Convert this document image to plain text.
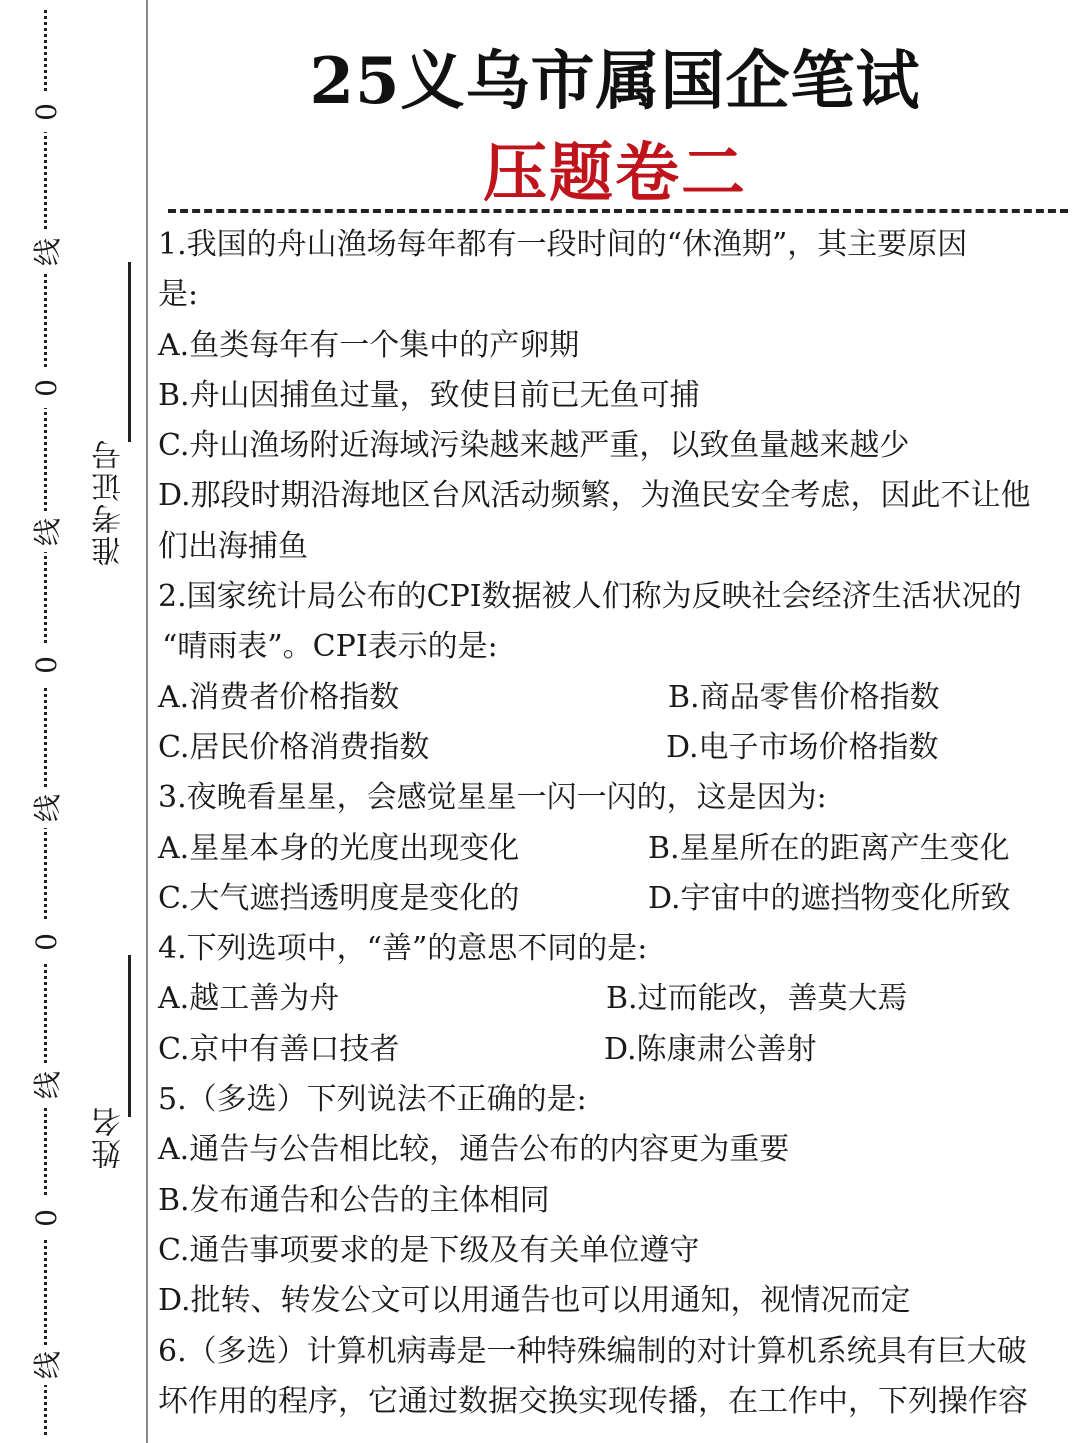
0
线
0
线
0
线
0
线
0
线
准考证号
姓名
25义乌市属国企笔试
压题卷二
1.我国的舟山渔场每年都有一段时间的“休渔期”，其主要原因
是:
A.鱼类每年有一个集中的产卵期
B.舟山因捕鱼过量，致使目前已无鱼可捕
C.舟山渔场附近海域污染越来越严重，以致鱼量越来越少
D.那段时期沿海地区台风活动频繁，为渔民安全考虑，因此不让他
们出海捕鱼
2.国家统计局公布的CPI数据被人们称为反映社会经济生活状况的
“晴雨表”。CPI表示的是:
A.消费者价格指数	B.商品零售价格指数
C.居民价格消费指数	D.电子市场价格指数
3.夜晚看星星，会感觉星星一闪一闪的，这是因为:
A.星星本身的光度出现变化	B.星星所在的距离产生变化
C.大气遮挡透明度是变化的	D.宇宙中的遮挡物变化所致
4.下列选项中，“善”的意思不同的是:
A.越工善为舟	B.过而能改，善莫大焉
C.京中有善口技者	D.陈康肃公善射
5.（多选）下列说法不正确的是:
A.通告与公告相比较，通告公布的内容更为重要
B.发布通告和公告的主体相同
C.通告事项要求的是下级及有关单位遵守
D.批转、转发公文可以用通告也可以用通知，视情况而定
6.（多选）计算机病毒是一种特殊编制的对计算机系统具有巨大破
坏作用的程序，它通过数据交换实现传播，在工作中，下列操作容
